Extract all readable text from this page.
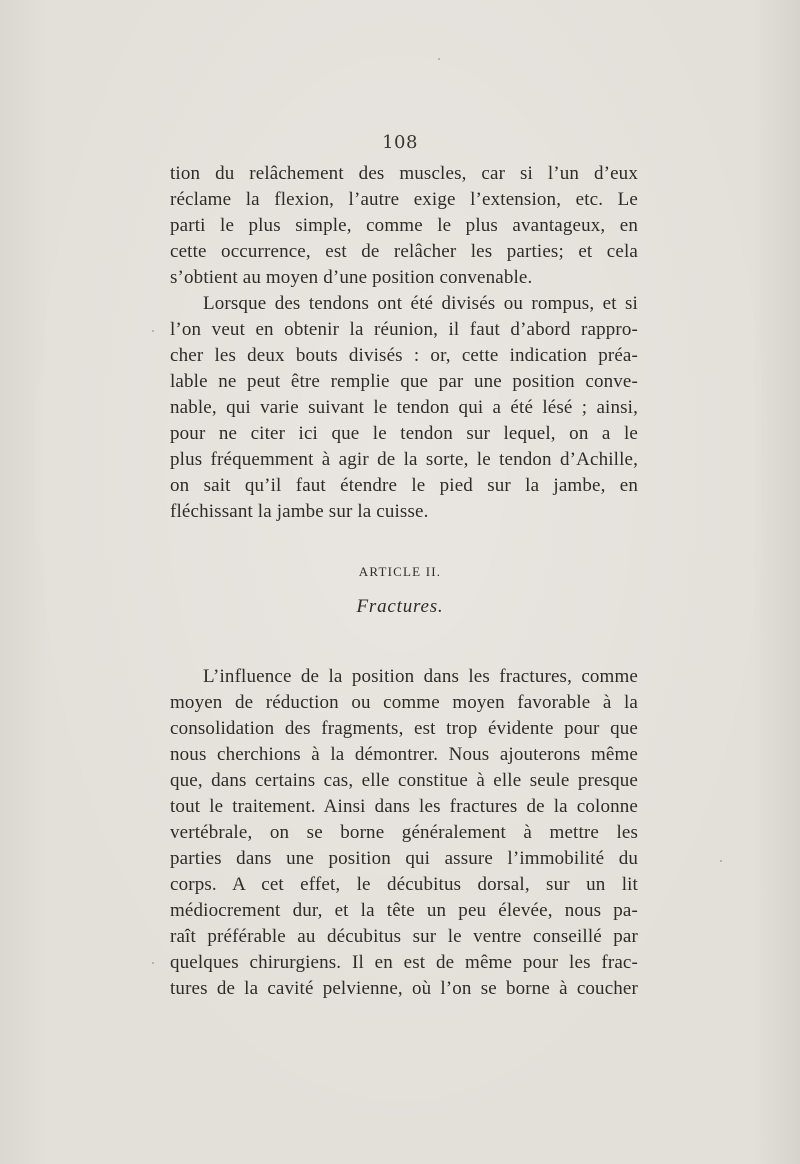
108
tion du relâchement des muscles, car si l’un d’eux
réclame la flexion, l’autre exige l’extension, etc. Le
parti le plus simple, comme le plus avantageux, en
cette occurrence, est de relâcher les parties; et cela
s’obtient au moyen d’une position convenable.
Lorsque des tendons ont été divisés ou rompus, et si
l’on veut en obtenir la réunion, il faut d’abord rappro-
cher les deux bouts divisés : or, cette indication préa-
lable ne peut être remplie que par une position conve-
nable, qui varie suivant le tendon qui a été lésé ; ainsi,
pour ne citer ici que le tendon sur lequel, on a le
plus fréquemment à agir de la sorte, le tendon d’Achille,
on sait qu’il faut étendre le pied sur la jambe, en
fléchissant la jambe sur la cuisse.
ARTICLE II.
Fractures.
L’influence de la position dans les fractures, comme
moyen de réduction ou comme moyen favorable à la
consolidation des fragments, est trop évidente pour que
nous cherchions à la démontrer. Nous ajouterons même
que, dans certains cas, elle constitue à elle seule presque
tout le traitement. Ainsi dans les fractures de la colonne
vertébrale, on se borne généralement à mettre les
parties dans une position qui assure l’immobilité du
corps. A cet effet, le décubitus dorsal, sur un lit
médiocrement dur, et la tête un peu élevée, nous pa-
raît préférable au décubitus sur le ventre conseillé par
quelques chirurgiens. Il en est de même pour les frac-
tures de la cavité pelvienne, où l’on se borne à coucher
